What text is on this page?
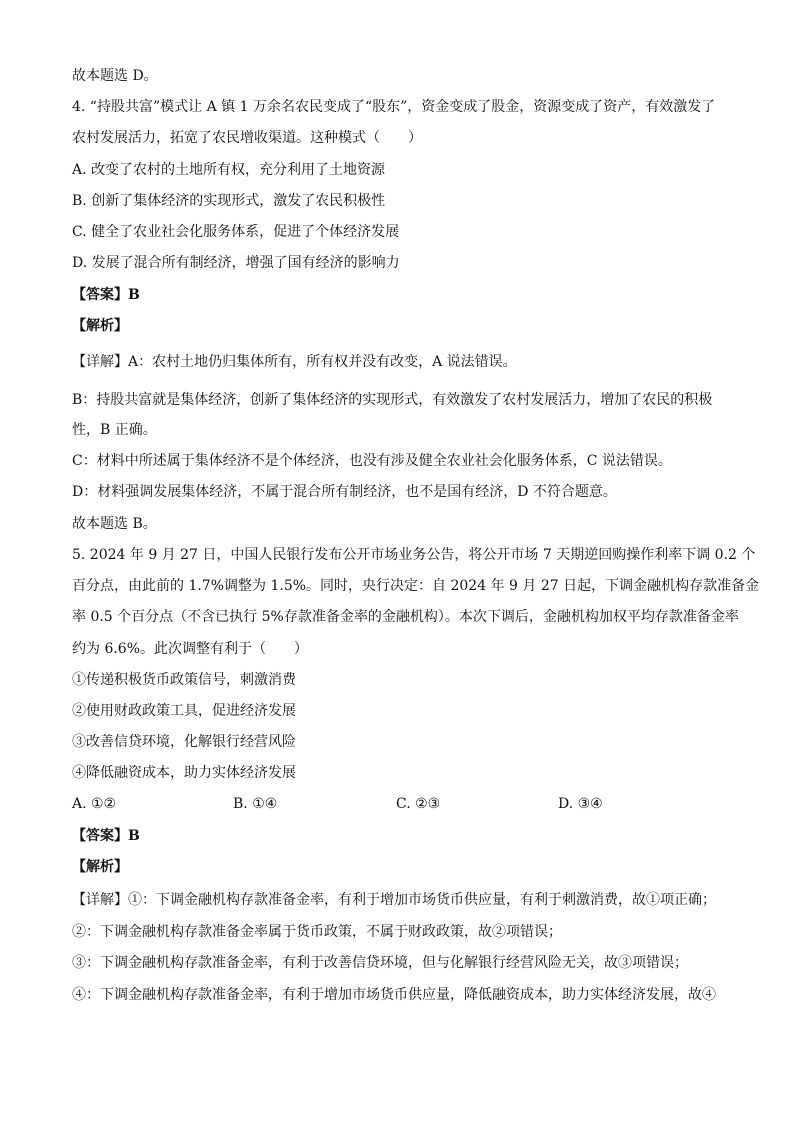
故本题选 D。
4. “持股共富”模式让 A 镇 1 万余名农民变成了“股东”，资金变成了股金，资源变成了资产，有效激发了
农村发展活力，拓宽了农民增收渠道。这种模式（　　）
A. 改变了农村的土地所有权，充分利用了土地资源
B. 创新了集体经济的实现形式，激发了农民积极性
C. 健全了农业社会化服务体系，促进了个体经济发展
D. 发展了混合所有制经济，增强了国有经济的影响力
【答案】B
【解析】
【详解】A：农村土地仍归集体所有，所有权并没有改变，A 说法错误。
B：持股共富就是集体经济，创新了集体经济的实现形式，有效激发了农村发展活力，增加了农民的积极
性，B 正确。
C：材料中所述属于集体经济不是个体经济，也没有涉及健全农业社会化服务体系，C 说法错误。
D：材料强调发展集体经济，不属于混合所有制经济，也不是国有经济，D 不符合题意。
故本题选 B。
5. 2024 年 9 月 27 日，中国人民银行发布公开市场业务公告，将公开市场 7 天期逆回购操作利率下调 0.2 个
百分点，由此前的 1.7%调整为 1.5%。同时，央行决定：自 2024 年 9 月 27 日起，下调金融机构存款准备金
率 0.5 个百分点（不含已执行 5%存款准备金率的金融机构）。本次下调后，金融机构加权平均存款准备金率
约为 6.6%。此次调整有利于（　　）
①传递积极货币政策信号，刺激消费
②使用财政政策工具，促进经济发展
③改善信贷环境，化解银行经营风险
④降低融资成本，助力实体经济发展
A. ①②	B. ①④	C. ②③	D. ③④
【答案】B
【解析】
【详解】①：下调金融机构存款准备金率，有利于增加市场货币供应量，有利于刺激消费，故①项正确；
②：下调金融机构存款准备金率属于货币政策，不属于财政政策，故②项错误；
③：下调金融机构存款准备金率，有利于改善信贷环境，但与化解银行经营风险无关，故③项错误；
④：下调金融机构存款准备金率，有利于增加市场货币供应量，降低融资成本，助力实体经济发展，故④
